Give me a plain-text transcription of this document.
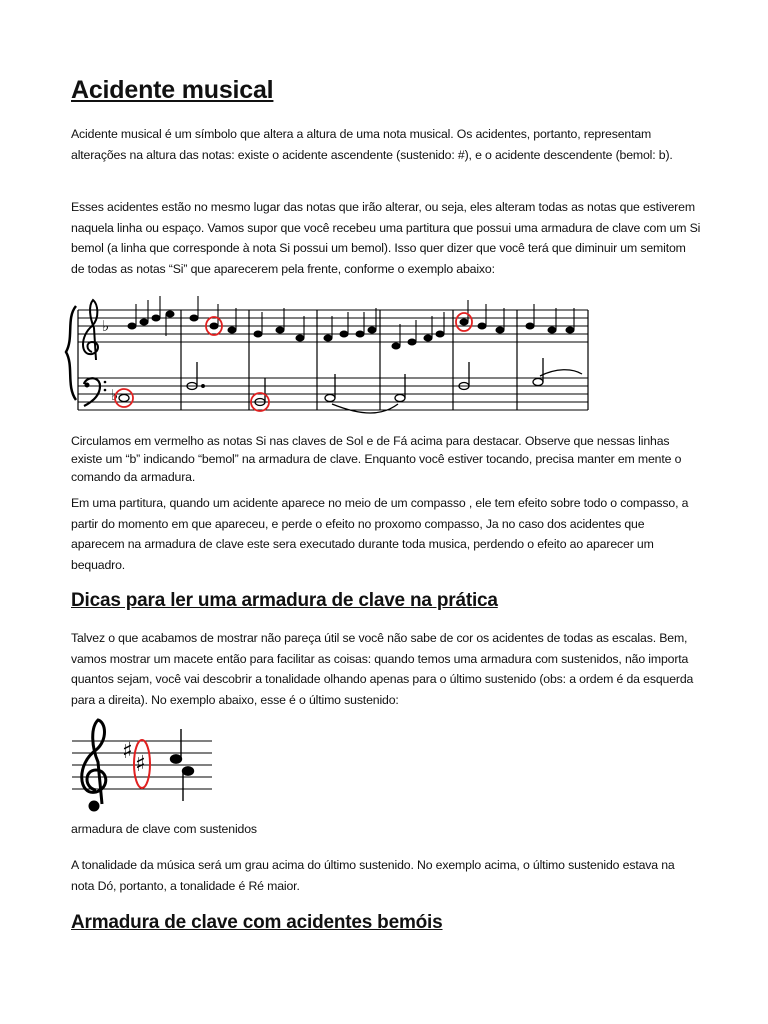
Acidente musical

Acidente musical é um símbolo que altera a altura de uma nota musical. Os acidentes, portanto, representam alterações na altura das notas: existe o acidente ascendente (sustenido: #), e o acidente descendente (bemol: b).

Esses acidentes estão no mesmo lugar das notas que irão alterar, ou seja, eles alteram todas as notas que estiverem naquela linha ou espaço. Vamos supor que você recebeu uma partitura que possui uma armadura de clave com um Si bemol (a linha que corresponde à nota Si possui um bemol). Isso quer dizer que você terá que diminuir um semitom de todas as notas “Si” que aparecerem pela frente, conforme o exemplo abaixo:

♭
♭

Circulamos em vermelho as notas Si nas claves de Sol e de Fá acima para destacar. Observe que nessas linhas existe um “b” indicando “bemol” na armadura de clave. Enquanto você estiver tocando, precisa manter em mente o comando da armadura.

Em uma partitura, quando um acidente aparece no meio de um compasso , ele tem efeito sobre todo o compasso, a partir do momento em que apareceu, e perde o efeito no proxomo compasso, Ja no caso dos acidentes que aparecem na armadura de clave este sera executado durante toda musica, perdendo o efeito ao aparecer um bequadro.

Dicas para ler uma armadura de clave na prática

Talvez o que acabamos de mostrar não pareça útil se você não sabe de cor os acidentes de todas as escalas. Bem, vamos mostrar um macete então para facilitar as coisas: quando temos uma armadura com sustenidos, não importa quantos sejam, você vai descobrir a tonalidade olhando apenas para o último sustenido (obs: a ordem é da esquerda para a direita). No exemplo abaixo, esse é o último sustenido:

♯
♯

armadura de clave com sustenidos

A tonalidade da música será um grau acima do último sustenido. No exemplo acima, o último sustenido estava na nota Dó, portanto, a tonalidade é Ré maior.

Armadura de clave com acidentes bemóis
